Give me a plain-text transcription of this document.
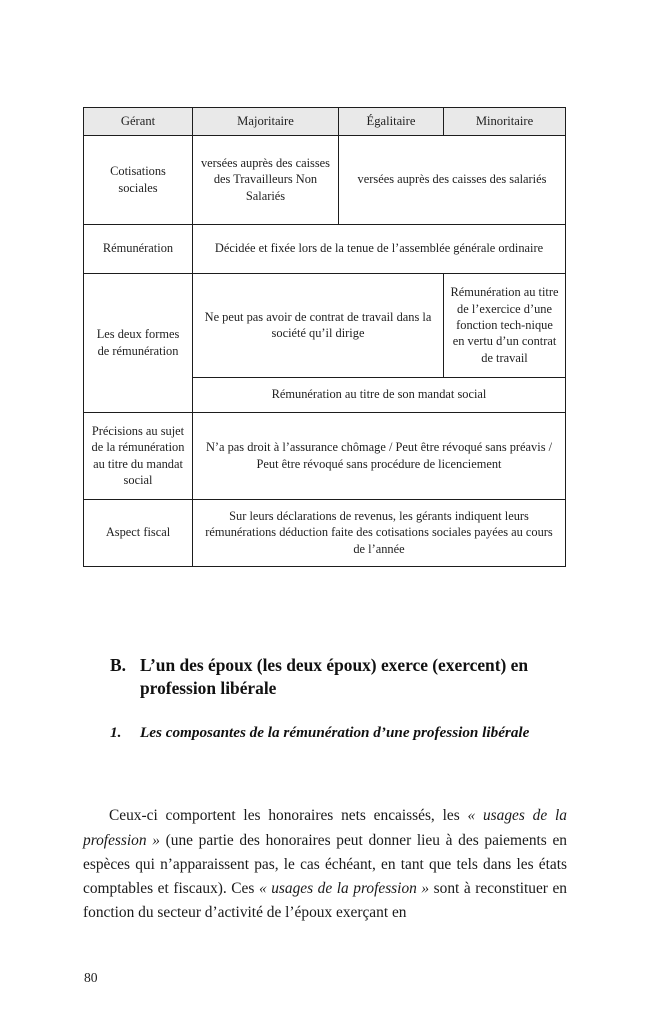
Gérant	Majoritaire	Égalitaire	Minoritaire
Cotisations sociales	versées auprès des caisses des Travailleurs Non Salariés	versées auprès des caisses des salariés	
Rémunération	Décidée et fixée lors de la tenue de l’assemblée générale ordinaire		
Les deux formes de rémunération	Ne peut pas avoir de contrat de travail dans la société qu’il dirige		Rémunération au titre de l’exercice d’une fonction tech-nique en vertu d’un contrat de travail
	Rémunération au titre de son mandat social		
Précisions au sujet de la rémunération au titre du mandat social	N’a pas droit à l’assurance chômage / Peut être révoqué sans préavis / Peut être révoqué sans procédure de licenciement		
Aspect fiscal	Sur leurs déclarations de revenus, les gérants indiquent leurs rémunérations déduction faite des cotisations sociales payées au cours de l’année		
B. L’un des époux (les deux époux) exerce (exercent) en profession libérale
1.	Les composantes de la rémunération d’une profession libérale

Ceux-ci comportent les honoraires nets encaissés, les « usages de la profession » (une partie des honoraires peut donner lieu à des paiements en espèces qui n’apparaissent pas, le cas échéant, en tant que tels dans les états comptables et fiscaux). Ces « usages de la profession » sont à reconstituer en fonction du secteur d’activité de l’époux exerçant en

80
